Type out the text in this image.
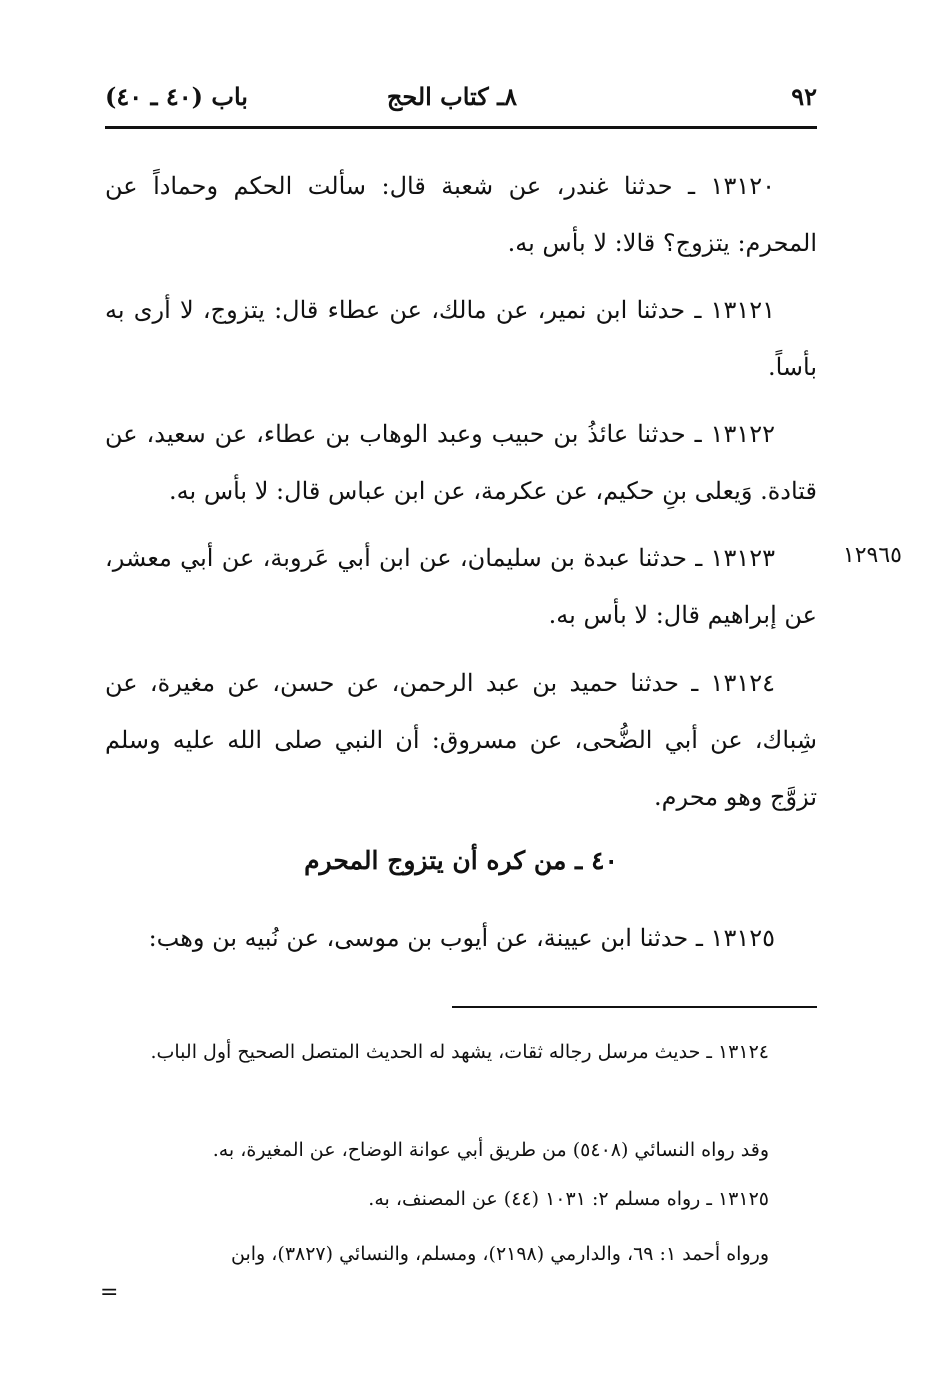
٩٢
٨ـ كتاب الحج
باب (٤٠ ـ ٤٠)
١٣١٢٠ ـ حدثنا غندر، عن شعبة قال: سألت الحكم وحماداً عن المحرم: يتزوج؟ قالا: لا بأس به.
١٣١٢١ ـ حدثنا ابن نمير، عن مالك، عن عطاء قال: يتزوج، لا أرى به بأساً.
١٣١٢٢ ـ حدثنا عائذُ بن حبيب وعبد الوهاب بن عطاء، عن سعيد، عن قتادة. وَيعلى بنِ حكيم، عن عكرمة، عن ابن عباس قال: لا بأس به.
١٢٩٦٥
١٣١٢٣ ـ حدثنا عبدة بن سليمان، عن ابن أبي عَروبة، عن أبي معشر، عن إبراهيم قال: لا بأس به.
١٣١٢٤ ـ حدثنا حميد بن عبد الرحمن، عن حسن، عن مغيرة، عن شِباك، عن أبي الضُّحى، عن مسروق: أن النبي صلى الله عليه وسلم تزوَّج وهو محرم.
٤٠ ـ من كره أن يتزوج المحرم
١٣١٢٥ ـ حدثنا ابن عيينة، عن أيوب بن موسى، عن نُبيه بن وهب:
١٣١٢٤ ـ حديث مرسل رجاله ثقات، يشهد له الحديث المتصل الصحيح أول الباب.
وقد رواه النسائي (٥٤٠٨) من طريق أبي عوانة الوضاح، عن المغيرة، به.
١٣١٢٥ ـ رواه مسلم ٢: ١٠٣١ (٤٤) عن المصنف، به.
ورواه أحمد ١: ٦٩، والدارمي (٢١٩٨)، ومسلم، والنسائي (٣٨٢٧)، وابن
=
